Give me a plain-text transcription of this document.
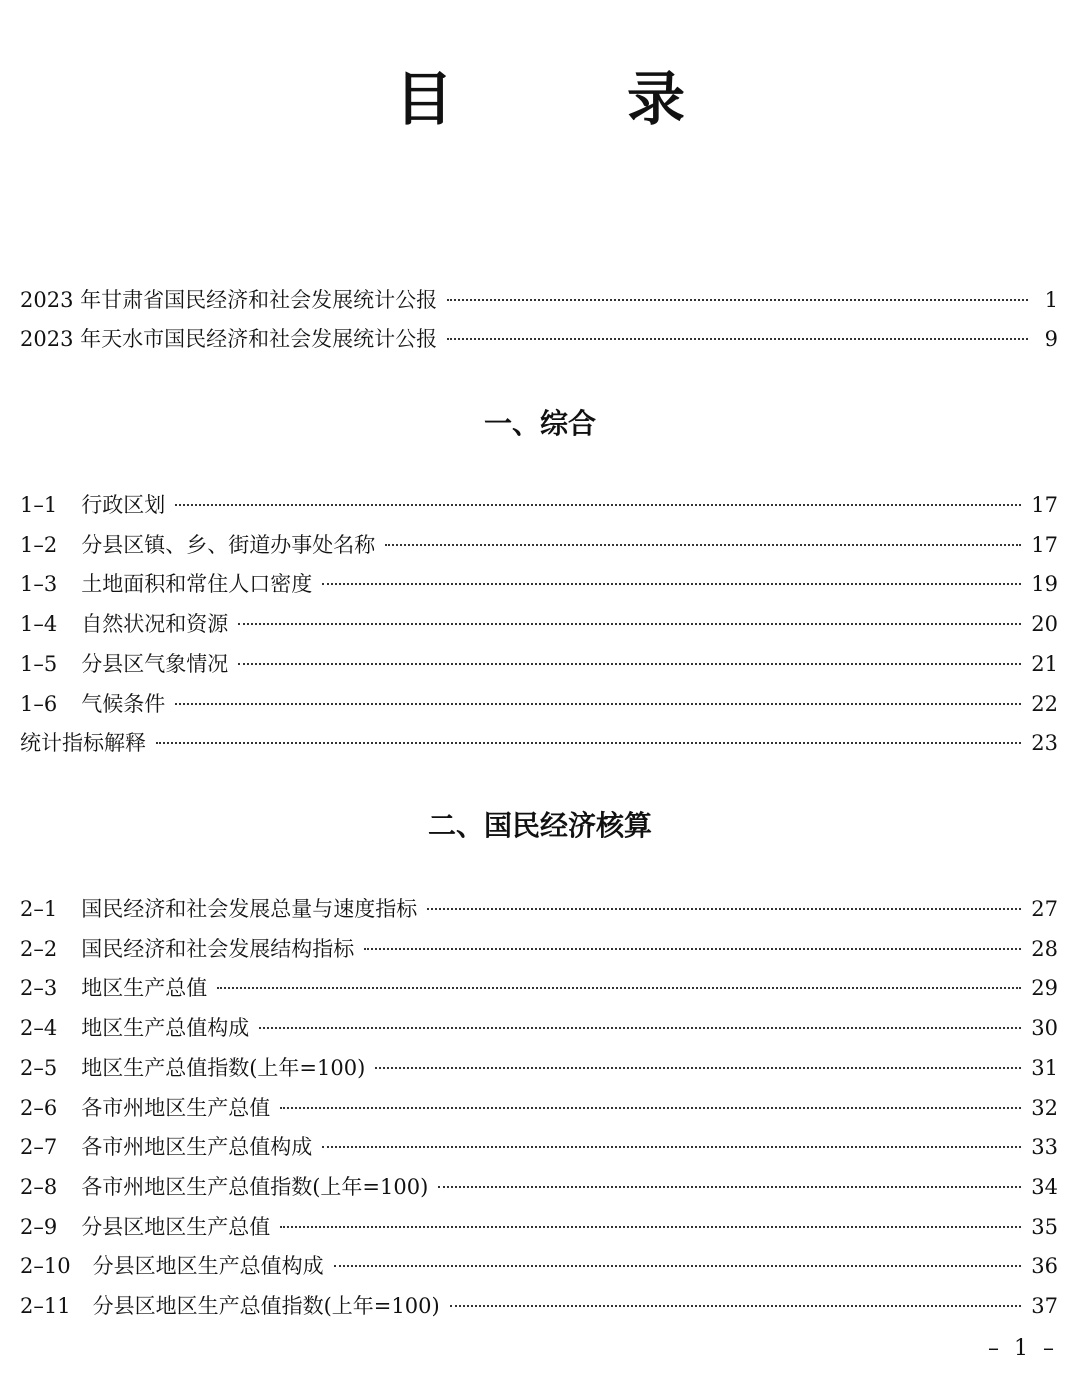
目　录
2023 年甘肃省国民经济和社会发展统计公报	1
2023 年天水市国民经济和社会发展统计公报	9
一、综合
1–1 行政区划	17
1–2 分县区镇、乡、街道办事处名称	17
1–3 土地面积和常住人口密度	19
1–4 自然状况和资源	20
1–5 分县区气象情况	21
1–6 气候条件	22
统计指标解释	23
二、国民经济核算
2–1 国民经济和社会发展总量与速度指标	27
2–2 国民经济和社会发展结构指标	28
2–3 地区生产总值	29
2–4 地区生产总值构成	30
2–5 地区生产总值指数(上年=100)	31
2–6 各市州地区生产总值	32
2–7 各市州地区生产总值构成	33
2–8 各市州地区生产总值指数(上年=100)	34
2–9 分县区地区生产总值	35
2–10 分县区地区生产总值构成	36
2–11 分县区地区生产总值指数(上年=100)	37
– 1 –
